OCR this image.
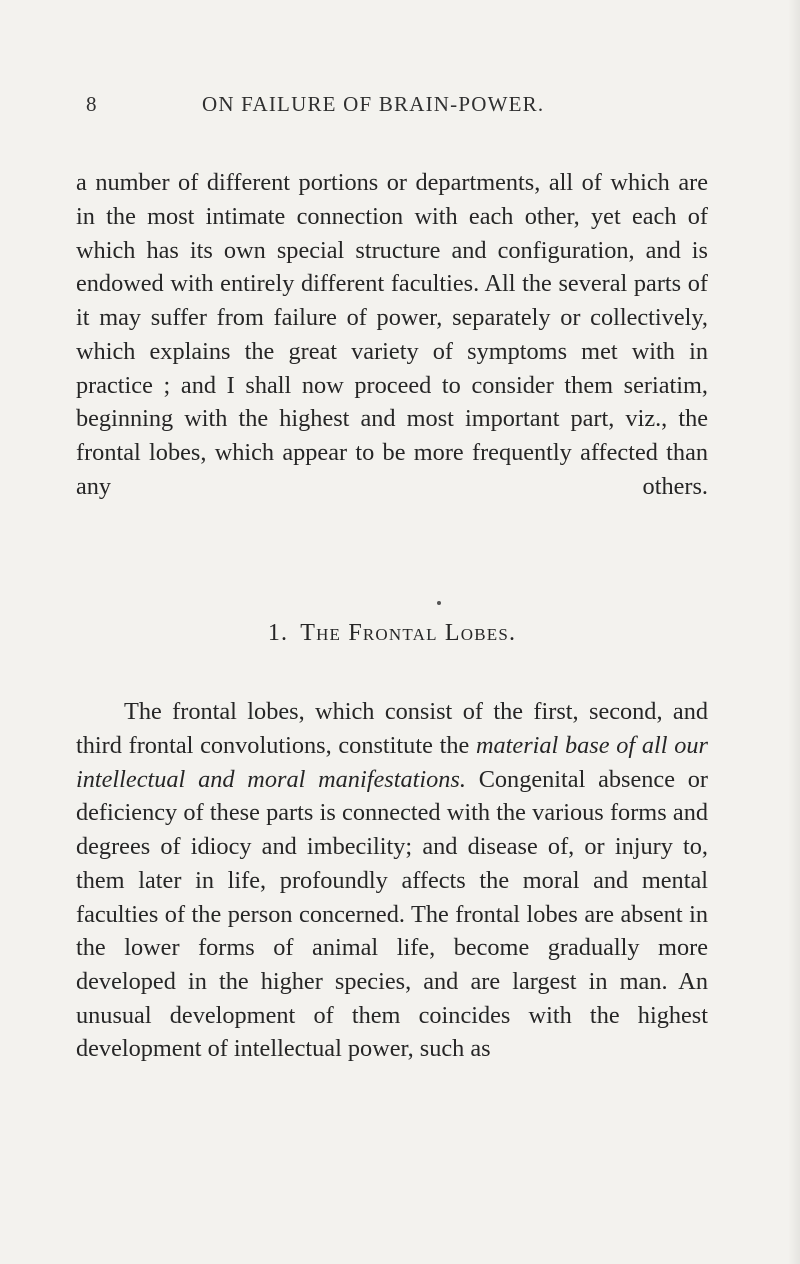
8	ON FAILURE OF BRAIN-POWER.

a number of different portions or departments, all of which are in the most intimate connection with each other, yet each of which has its own special structure and configuration, and is endowed with entirely different faculties. All the several parts of it may suffer from failure of power, separately or collectively, which explains the great variety of symptoms met with in practice ; and I shall now proceed to consider them seriatim, beginning with the highest and most important part, viz., the frontal lobes, which appear to be more frequently affected than any others.

1. The Frontal Lobes.

The frontal lobes, which consist of the first, second, and third frontal convolutions, constitute the material base of all our intellectual and moral manifestations. Congenital absence or deficiency of these parts is connected with the various forms and degrees of idiocy and imbecility; and disease of, or injury to, them later in life, profoundly affects the moral and mental faculties of the person concerned. The frontal lobes are absent in the lower forms of animal life, become gradually more developed in the higher species, and are largest in man. An unusual development of them coincides with the highest development of intellectual power, such as
